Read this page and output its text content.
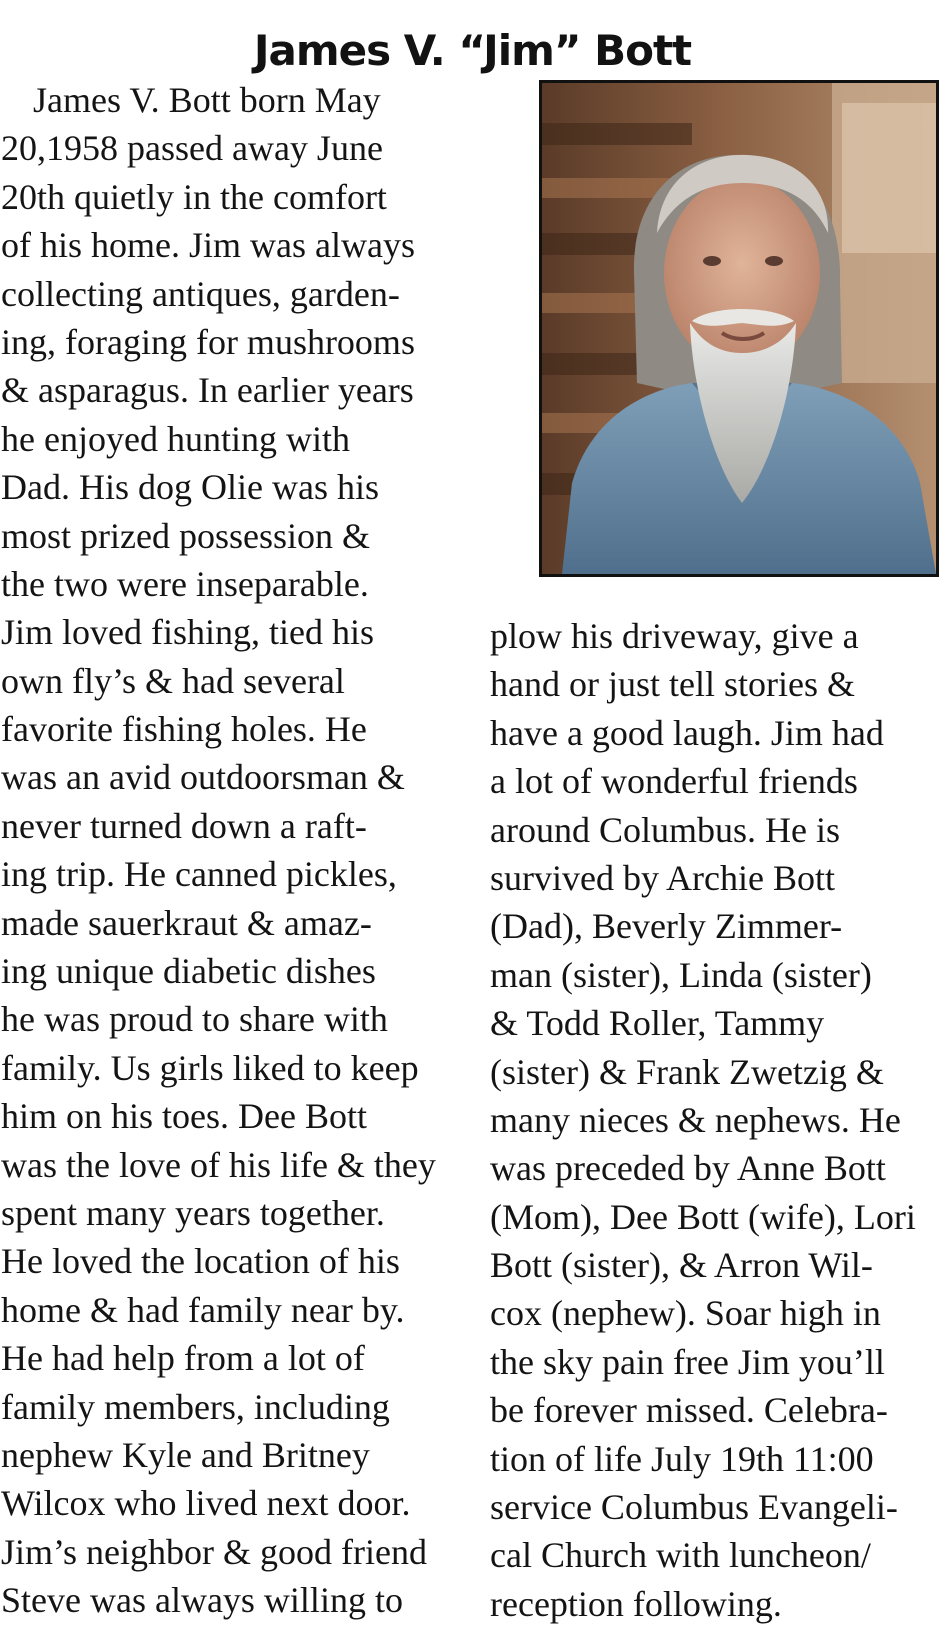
James V. “Jim” Bott
James V. Bott born May
20,1958 passed away June
20th quietly in the comfort
of his home. Jim was always
collecting antiques, garden-
ing, foraging for mushrooms
& asparagus. In earlier years
he enjoyed hunting with
Dad. His dog Olie was his
most prized possession &
the two were inseparable.
Jim loved fishing, tied his
own fly’s & had several
favorite fishing holes. He
was an avid outdoorsman &
never turned down a raft-
ing trip. He canned pickles,
made sauerkraut & amaz-
ing unique diabetic dishes
he was proud to share with
family. Us girls liked to keep
him on his toes. Dee Bott
was the love of his life & they
spent many years together.
He loved the location of his
home & had family near by.
He had help from a lot of
family members, including
nephew Kyle and Britney
Wilcox who lived next door.
Jim’s neighbor & good friend
Steve was always willing to
plow his driveway, give a
hand or just tell stories &
have a good laugh. Jim had
a lot of wonderful friends
around Columbus. He is
survived by Archie Bott
(Dad), Beverly Zimmer-
man (sister), Linda (sister)
& Todd Roller, Tammy
(sister) & Frank Zwetzig &
many nieces & nephews. He
was preceded by Anne Bott
(Mom), Dee Bott (wife), Lori
Bott (sister), & Arron Wil-
cox (nephew). Soar high in
the sky pain free Jim you’ll
be forever missed. Celebra-
tion of life July 19th 11:00
service Columbus Evangeli-
cal Church with luncheon/
reception following.
